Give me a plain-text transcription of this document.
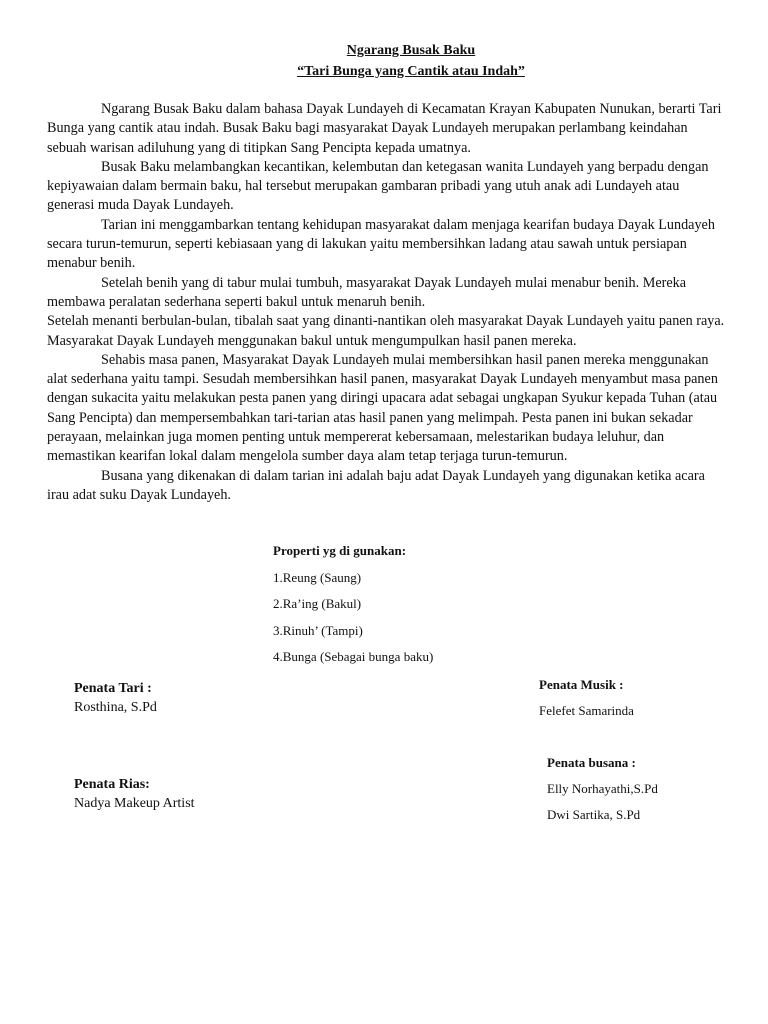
Ngarang Busak Baku
“Tari Bunga yang Cantik atau Indah”

Ngarang Busak Baku dalam bahasa Dayak Lundayeh di Kecamatan Krayan Kabupaten Nunukan, berarti Tari Bunga yang cantik atau indah. Busak Baku bagi masyarakat Dayak Lundayeh merupakan perlambang keindahan sebuah warisan adiluhung yang di titipkan Sang Pencipta kepada umatnya.

Busak Baku melambangkan kecantikan, kelembutan dan ketegasan wanita Lundayeh yang berpadu dengan kepiyawaian dalam bermain baku, hal tersebut merupakan gambaran pribadi yang utuh anak adi Lundayeh atau generasi muda Dayak Lundayeh.

Tarian ini menggambarkan tentang kehidupan masyarakat dalam menjaga kearifan budaya Dayak Lundayeh secara turun-temurun, seperti kebiasaan yang di lakukan yaitu membersihkan ladang atau sawah untuk persiapan menabur benih.

Setelah benih yang di tabur mulai tumbuh, masyarakat Dayak Lundayeh mulai menabur benih. Mereka membawa peralatan sederhana seperti bakul untuk menaruh benih.

Setelah menanti berbulan-bulan, tibalah saat yang dinanti-nantikan oleh masyarakat Dayak Lundayeh yaitu panen raya. Masyarakat Dayak Lundayeh menggunakan bakul untuk mengumpulkan hasil panen mereka.

Sehabis masa panen, Masyarakat Dayak Lundayeh mulai membersihkan hasil panen mereka menggunakan alat sederhana yaitu tampi. Sesudah membersihkan hasil panen, masyarakat Dayak Lundayeh menyambut masa panen dengan sukacita yaitu melakukan pesta panen yang diringi upacara adat sebagai ungkapan Syukur kepada Tuhan (atau Sang Pencipta) dan mempersembahkan tari-tarian atas hasil panen yang melimpah. Pesta panen ini bukan sekadar perayaan, melainkan juga momen penting untuk mempererat kebersamaan, melestarikan budaya leluhur, dan memastikan kearifan lokal dalam mengelola sumber daya alam tetap terjaga turun-temurun.

Busana yang dikenakan di dalam tarian ini adalah baju adat Dayak Lundayeh yang digunakan ketika acara irau adat suku Dayak Lundayeh.

Properti yg di gunakan:
1.Reung (Saung)
2.Ra’ing (Bakul)
3.Rinuh’ (Tampi)
4.Bunga (Sebagai bunga baku)
Penata Tari :
Rosthina, S.Pd
Penata Rias:
Nadya Makeup Artist
Penata Musik :
Felefet Samarinda
Penata busana :
Elly Norhayathi,S.Pd
Dwi Sartika, S.Pd
